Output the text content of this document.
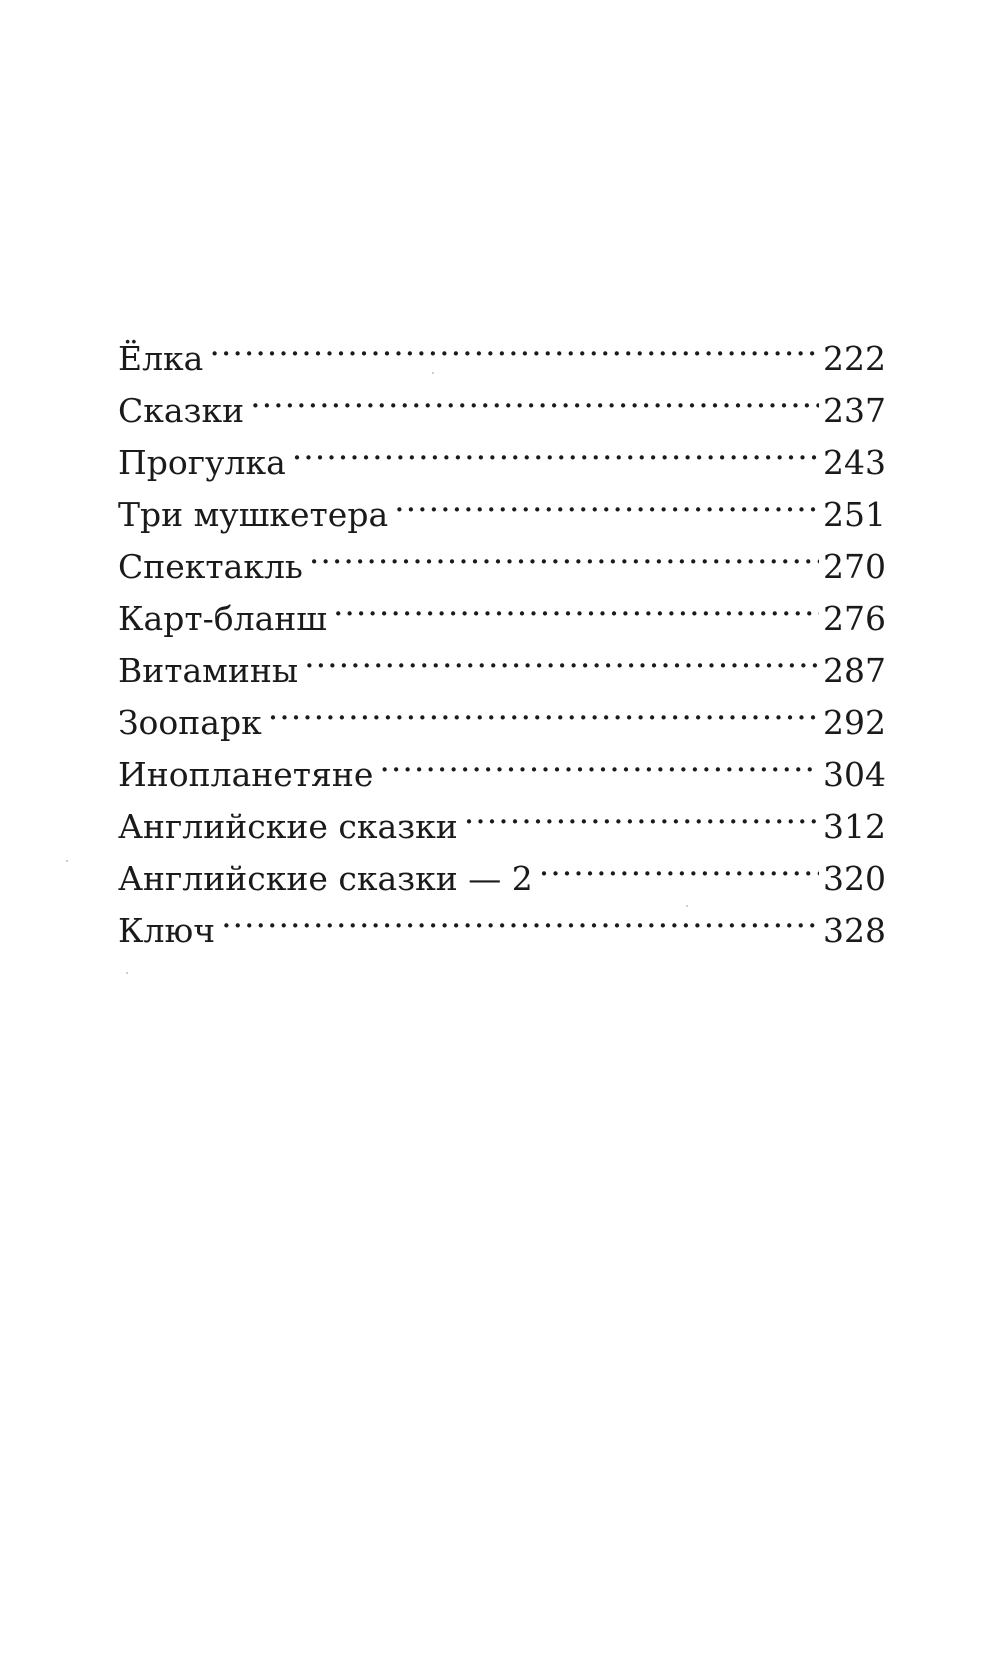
Ёлка .....	222
Сказки .....	237
Прогулка .....	243
Три мушкетера .....	251
Спектакль .....	270
Карт-бланш .....	276
Витамины .....	287
Зоопарк .....	292
Инопланетяне .....	304
Английские сказки .....	312
Английские сказки — 2 .....	320
Ключ .....	328
